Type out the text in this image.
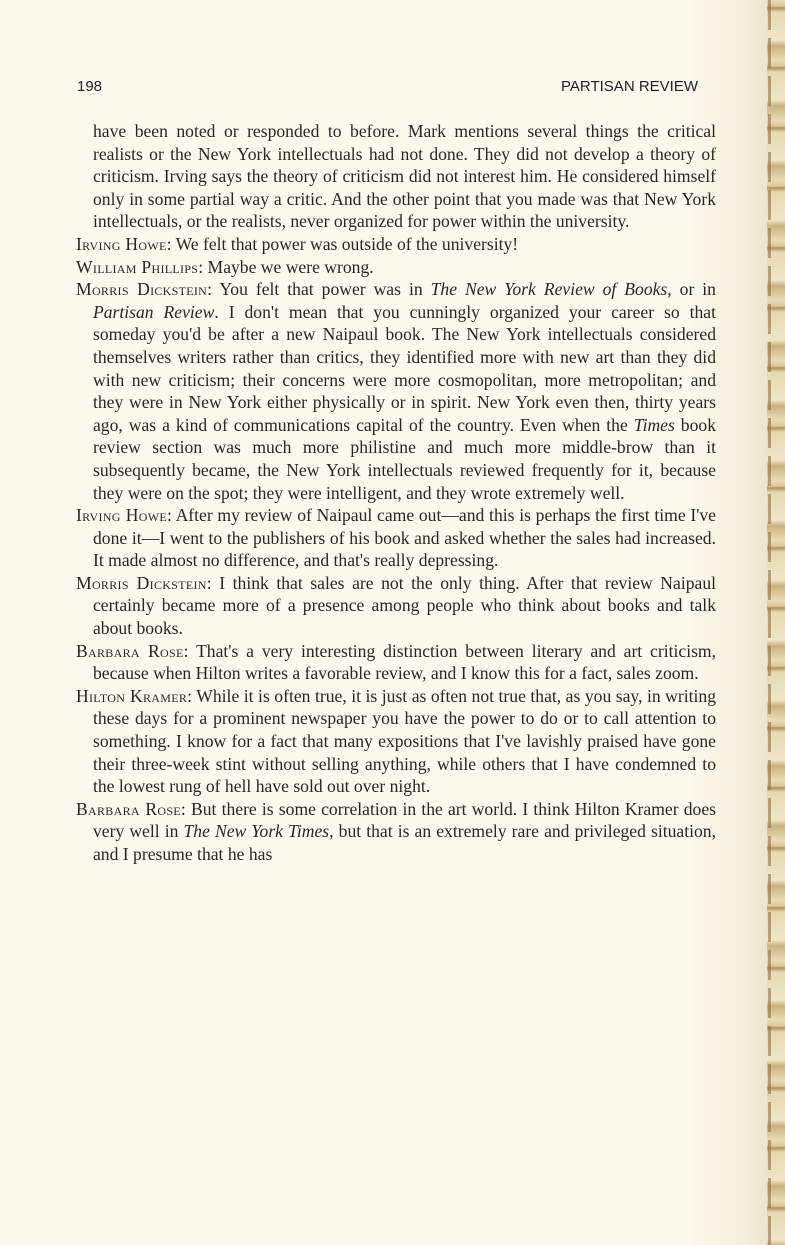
198	PARTISAN REVIEW

have been noted or responded to before. Mark mentions several things the critical realists or the New York intellectuals had not done. They did not develop a theory of criticism. Irving says the theory of criticism did not interest him. He considered himself only in some partial way a critic. And the other point that you made was that New York intellectuals, or the realists, never organized for power within the university.

Irving Howe: We felt that power was outside of the university!

William Phillips: Maybe we were wrong.

Morris Dickstein: You felt that power was in The New York Review of Books, or in Partisan Review. I don't mean that you cunningly organized your career so that someday you'd be after a new Naipaul book. The New York intellectuals considered themselves writers rather than critics, they identified more with new art than they did with new criticism; their concerns were more cosmopolitan, more metropolitan; and they were in New York either physically or in spirit. New York even then, thirty years ago, was a kind of communications capital of the country. Even when the Times book review section was much more philistine and much more middle-brow than it subsequently became, the New York intellectuals reviewed frequently for it, because they were on the spot; they were intelligent, and they wrote extremely well.

Irving Howe: After my review of Naipaul came out—and this is perhaps the first time I've done it—I went to the publishers of his book and asked whether the sales had increased. It made almost no difference, and that's really depressing.

Morris Dickstein: I think that sales are not the only thing. After that review Naipaul certainly became more of a presence among people who think about books and talk about books.

Barbara Rose: That's a very interesting distinction between literary and art criticism, because when Hilton writes a favorable review, and I know this for a fact, sales zoom.

Hilton Kramer: While it is often true, it is just as often not true that, as you say, in writing these days for a prominent newspaper you have the power to do or to call attention to something. I know for a fact that many expositions that I've lavishly praised have gone their three-week stint without selling anything, while others that I have condemned to the lowest rung of hell have sold out over night.

Barbara Rose: But there is some correlation in the art world. I think Hilton Kramer does very well in The New York Times, but that is an extremely rare and privileged situation, and I presume that he has
